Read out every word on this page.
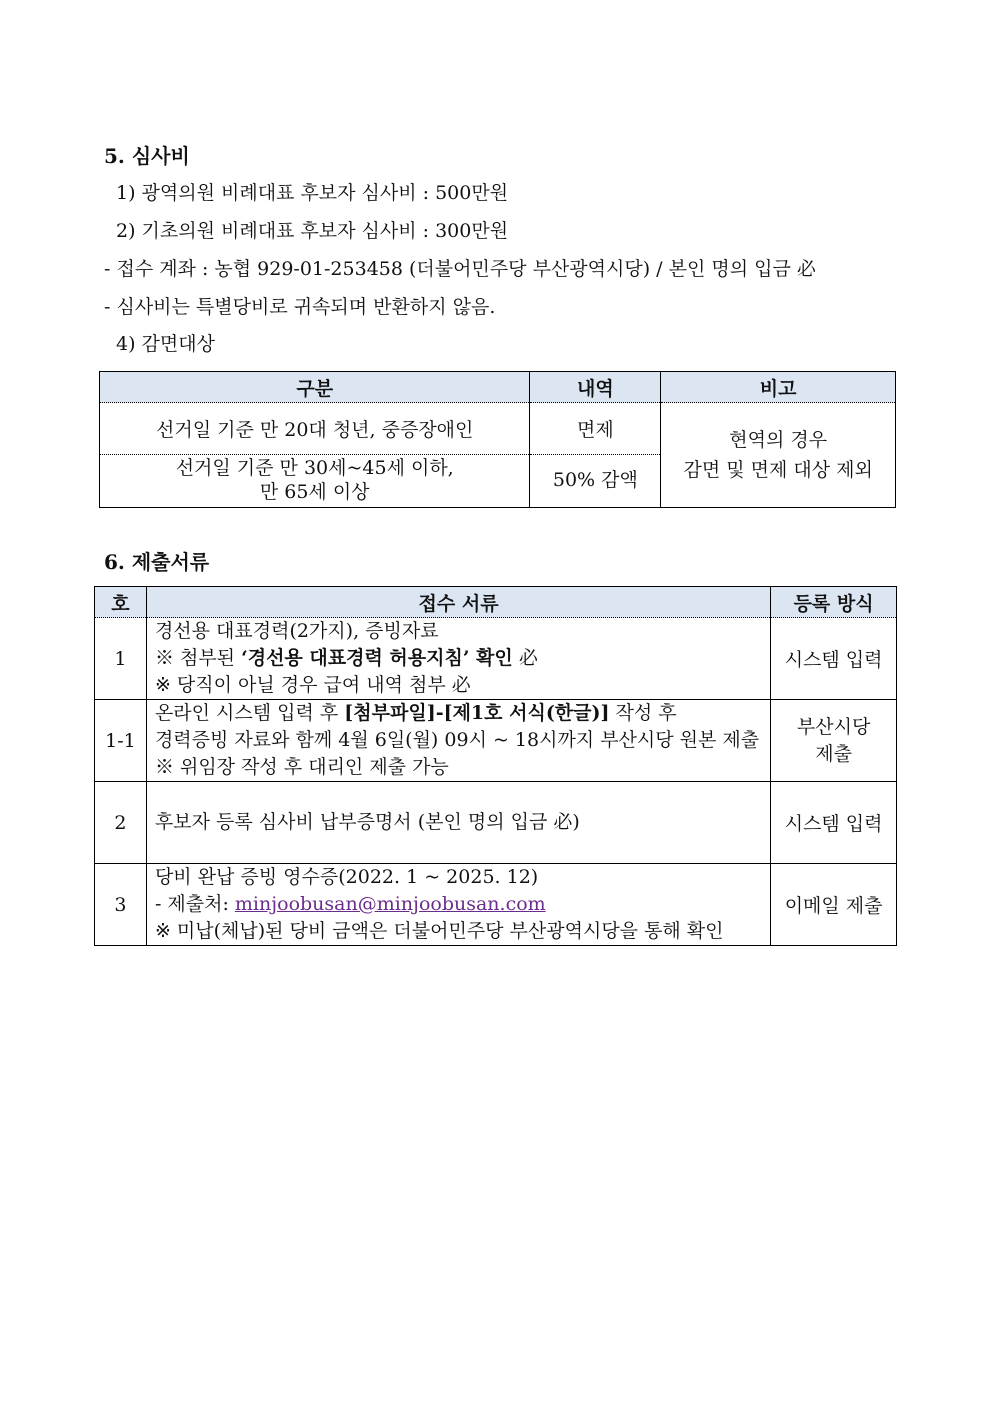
5. 심사비
1) 광역의원 비례대표 후보자 심사비 : 500만원
2) 기초의원 비례대표 후보자 심사비 : 300만원
- 접수 계좌 : 농협 929-01-253458 (더불어민주당 부산광역시당) / 본인 명의 입금 必
- 심사비는 특별당비로 귀속되며 반환하지 않음.
4) 감면대상
구분	내역	비고
선거일 기준 만 20대 청년, 중증장애인	면제	현역의 경우
감면 및 면제 대상 제외
선거일 기준 만 30세~45세 이하,
만 65세 이상	50% 감액	
6. 제출서류
호	접수 서류	등록 방식
1	경선용 대표경력(2가지), 증빙자료
※ 첨부된 ‘경선용 대표경력 허용지침’ 확인 必
※ 당직이 아닐 경우 급여 내역 첨부 必	시스템 입력
1-1	온라인 시스템 입력 후 [첨부파일]-[제1호 서식(한글)] 작성 후
경력증빙 자료와 함께 4월 6일(월) 09시 ~ 18시까지 부산시당 원본 제출
※ 위임장 작성 후 대리인 제출 가능	부산시당
제출
2	후보자 등록 심사비 납부증명서 (본인 명의 입금 必)	시스템 입력
3	당비 완납 증빙 영수증(2022. 1 ~ 2025. 12)
- 제출처: minjoobusan@minjoobusan.com
※ 미납(체납)된 당비 금액은 더불어민주당 부산광역시당을 통해 확인	이메일 제출
